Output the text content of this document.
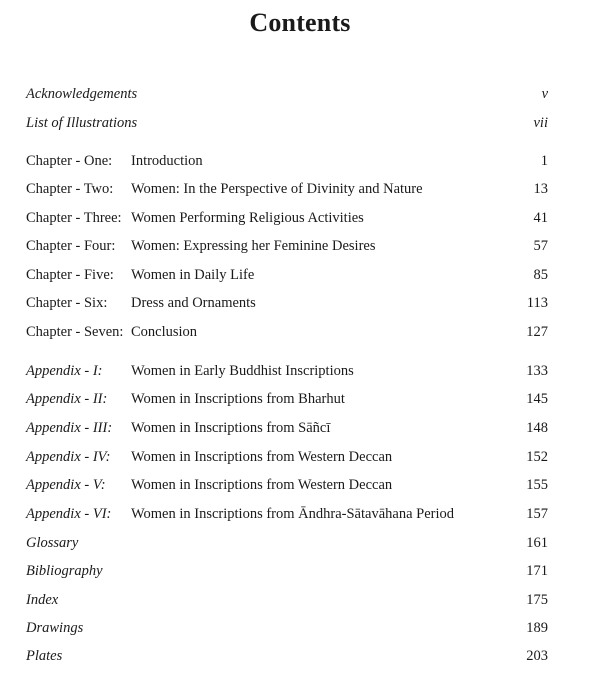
Contents
Acknowledgements	v
List of Illustrations	vii
Chapter - One: Introduction	1
Chapter - Two: Women: In the Perspective of Divinity and Nature	13
Chapter - Three: Women Performing Religious Activities	41
Chapter - Four: Women: Expressing her Feminine Desires	57
Chapter - Five: Women in Daily Life	85
Chapter - Six: Dress and Ornaments	113
Chapter - Seven: Conclusion	127
Appendix - I: Women in Early Buddhist Inscriptions	133
Appendix - II: Women in Inscriptions from Bharhut	145
Appendix - III: Women in Inscriptions from Sāñcī	148
Appendix - IV: Women in Inscriptions from Western Deccan	152
Appendix - V: Women in Inscriptions from Western Deccan	155
Appendix - VI: Women in Inscriptions from Āndhra-Sātavāhana Period	157
Glossary	161
Bibliography	171
Index	175
Drawings	189
Plates	203
